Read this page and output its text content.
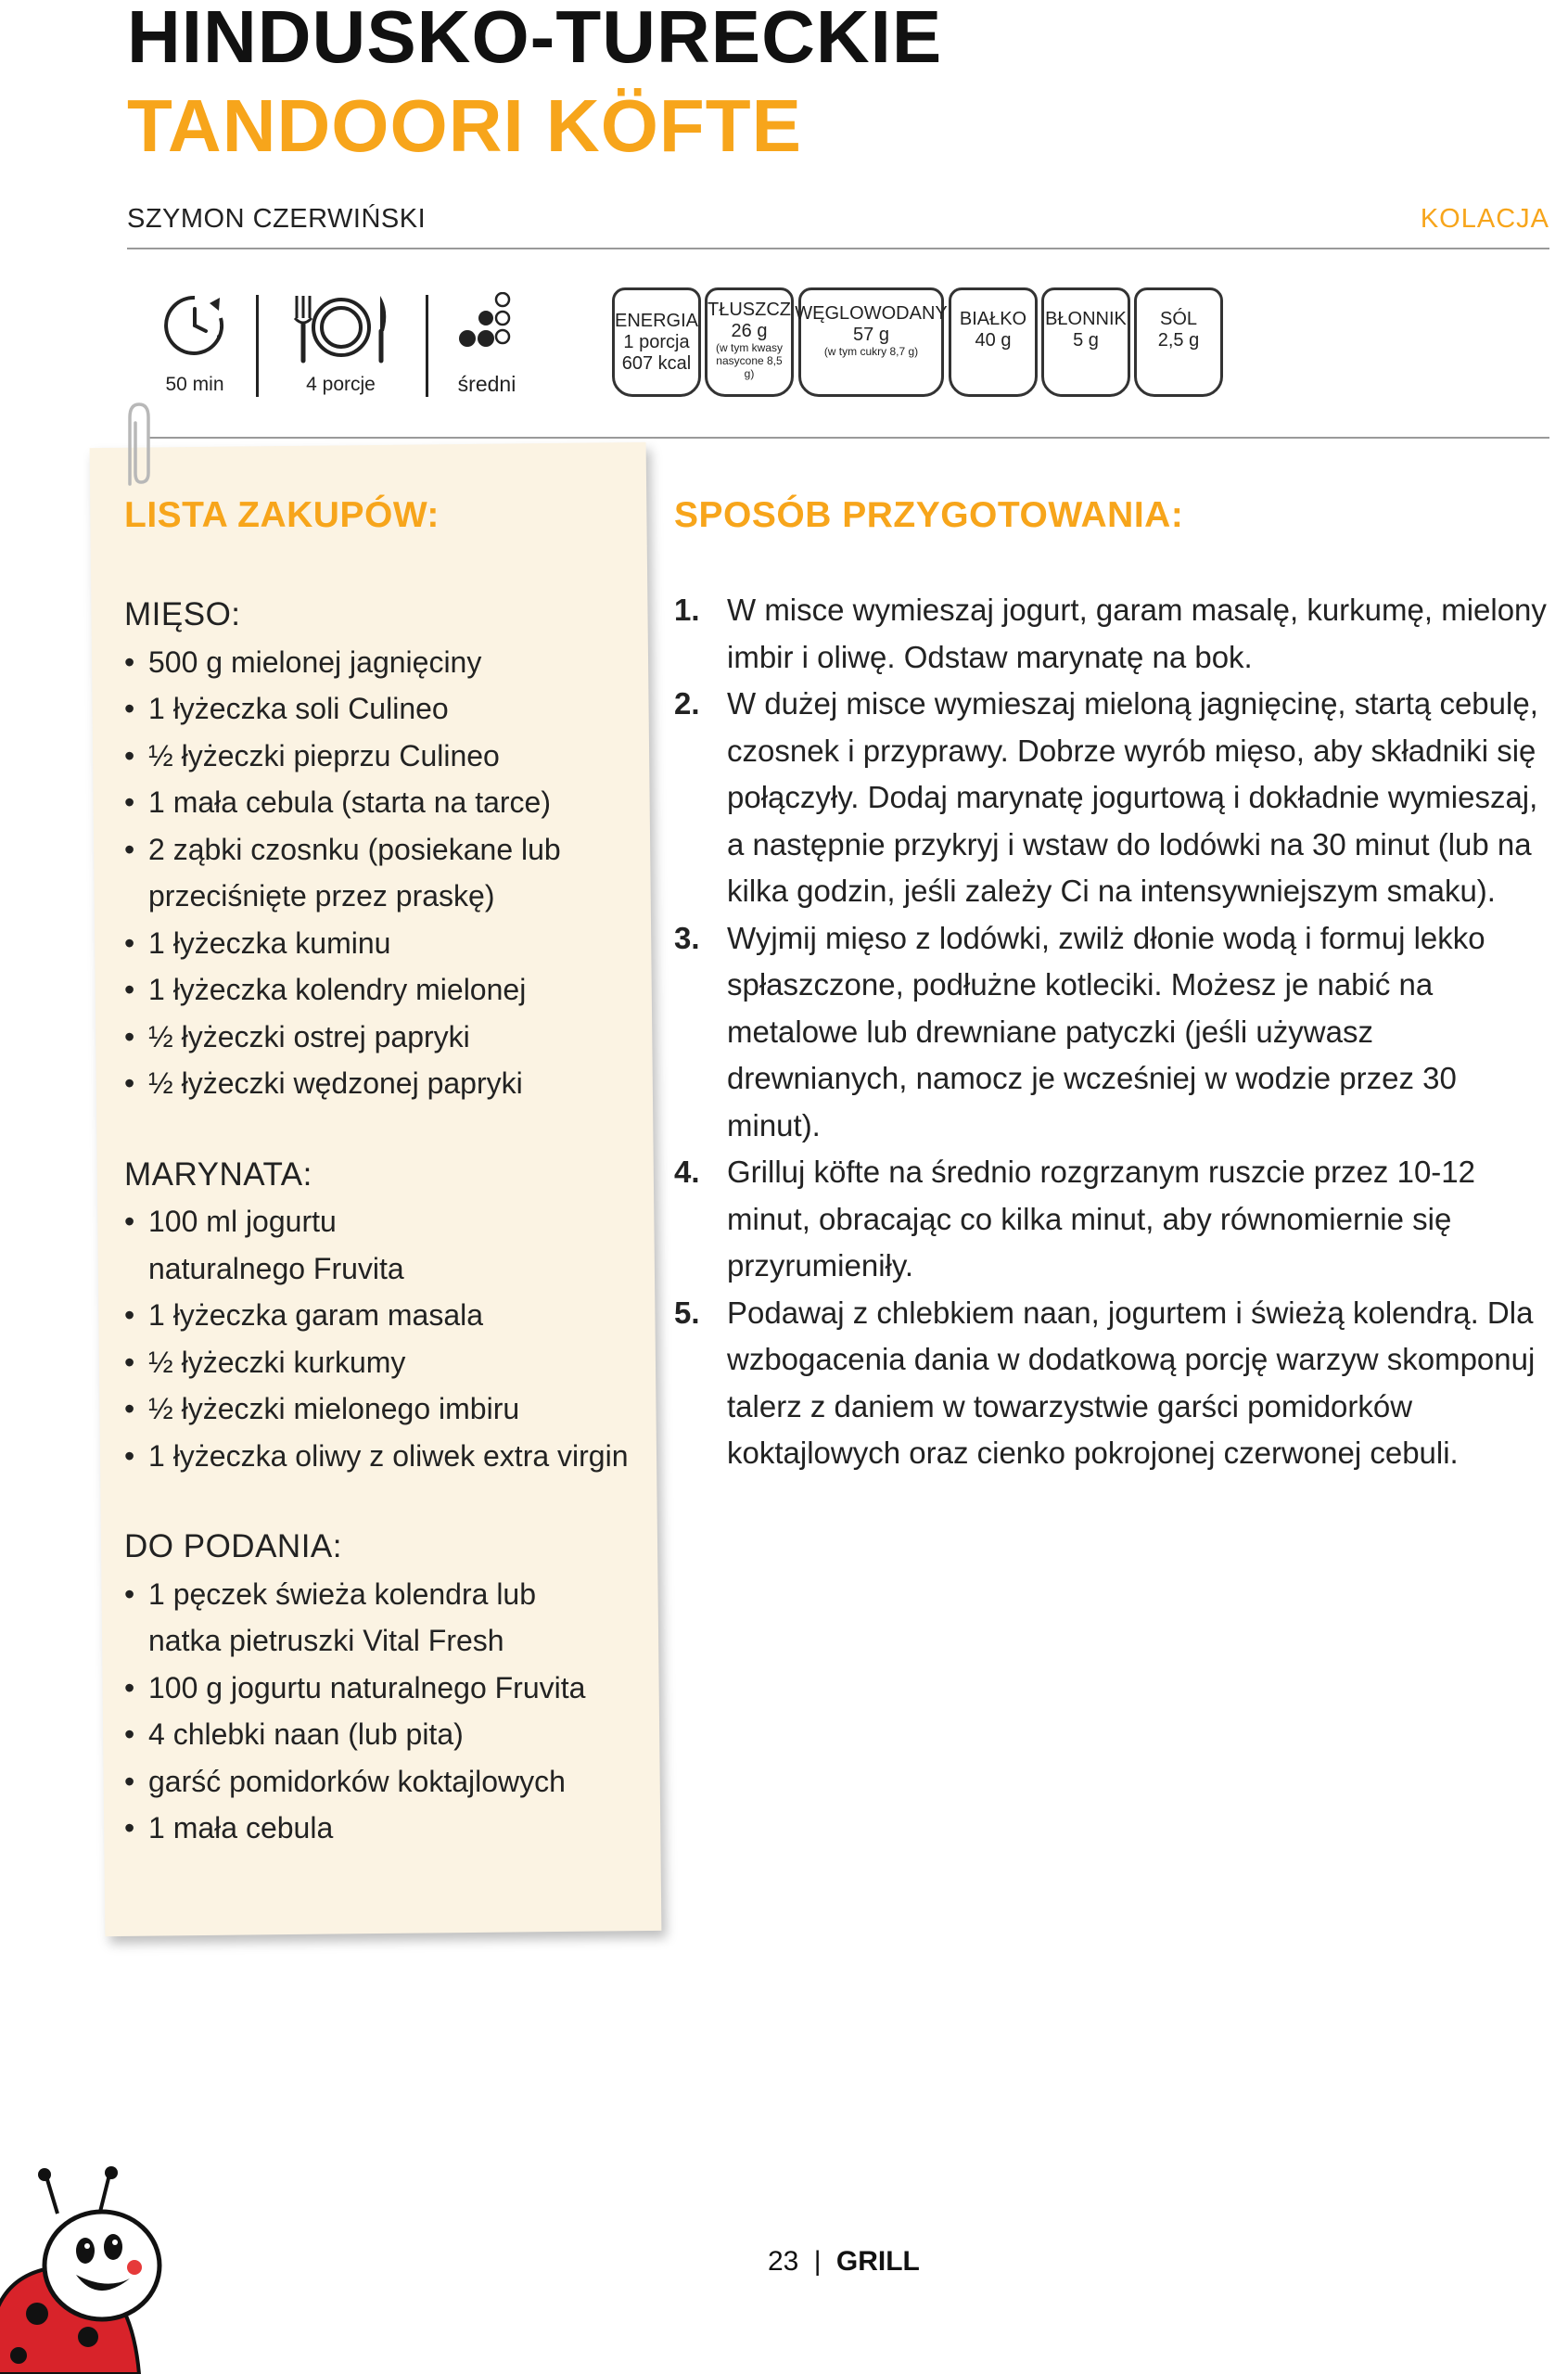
HINDUSKO-TURECKIE
TANDOORI KÖFTE
SZYMON CZERWIŃSKI	KOLACJA
50 min	4 porcje	średni
ENERGIA
1 porcja
607 kcal
TŁUSZCZ
26 g
(w tym kwasy nasycone 8,5 g)
WĘGLOWODANY
57 g
(w tym cukry 8,7 g)
BIAŁKO
40 g
BŁONNIK
5 g
SÓL
2,5 g
LISTA ZAKUPÓW:
MIĘSO:
• 500 g mielonej jagnięciny
• 1 łyżeczka soli Culineo
• ½ łyżeczki pieprzu Culineo
• 1 mała cebula (starta na tarce)
• 2 ząbki czosnku (posiekane lub przeciśnięte przez praskę)
• 1 łyżeczka kuminu
• 1 łyżeczka kolendry mielonej
• ½ łyżeczki ostrej papryki
• ½ łyżeczki wędzonej papryki
MARYNATA:
• 100 ml jogurtu naturalnego Fruvita
• 1 łyżeczka garam masala
• ½ łyżeczki kurkumy
• ½ łyżeczki mielonego imbiru
• 1 łyżeczka oliwy z oliwek extra virgin
DO PODANIA:
• 1 pęczek świeża kolendra lub natka pietruszki Vital Fresh
• 100 g jogurtu naturalnego Fruvita
• 4 chlebki naan (lub pita)
• garść pomidorków koktajlowych
• 1 mała cebula
SPOSÓB PRZYGOTOWANIA:
1. W misce wymieszaj jogurt, garam masalę, kurkumę, mielony imbir i oliwę. Odstaw marynatę na bok.
2. W dużej misce wymieszaj mieloną jagnięcinę, startą cebulę, czosnek i przyprawy. Dobrze wyrób mięso, aby składniki się połączyły. Dodaj marynatę jogurtową i dokładnie wymieszaj, a następnie przykryj i wstaw do lodówki na 30 minut (lub na kilka godzin, jeśli zależy Ci na intensywniejszym smaku).
3. Wyjmij mięso z lodówki, zwilż dłonie wodą i formuj lekko spłaszczone, podłużne kotleciki. Możesz je nabić na metalowe lub drewniane patyczki (jeśli używasz drewnianych, namocz je wcześniej w wodzie przez 30 minut).
4. Grilluj köfte na średnio rozgrzanym ruszcie przez 10-12 minut, obracając co kilka minut, aby równomiernie się przyrumieniły.
5. Podawaj z chlebkiem naan, jogurtem i świeżą kolendrą. Dla wzbogacenia dania w dodatkową porcję warzyw skomponuj talerz z daniem w towarzystwie garści pomidorków koktajlowych oraz cienko pokrojonej czerwonej cebuli.
23 | GRILL
